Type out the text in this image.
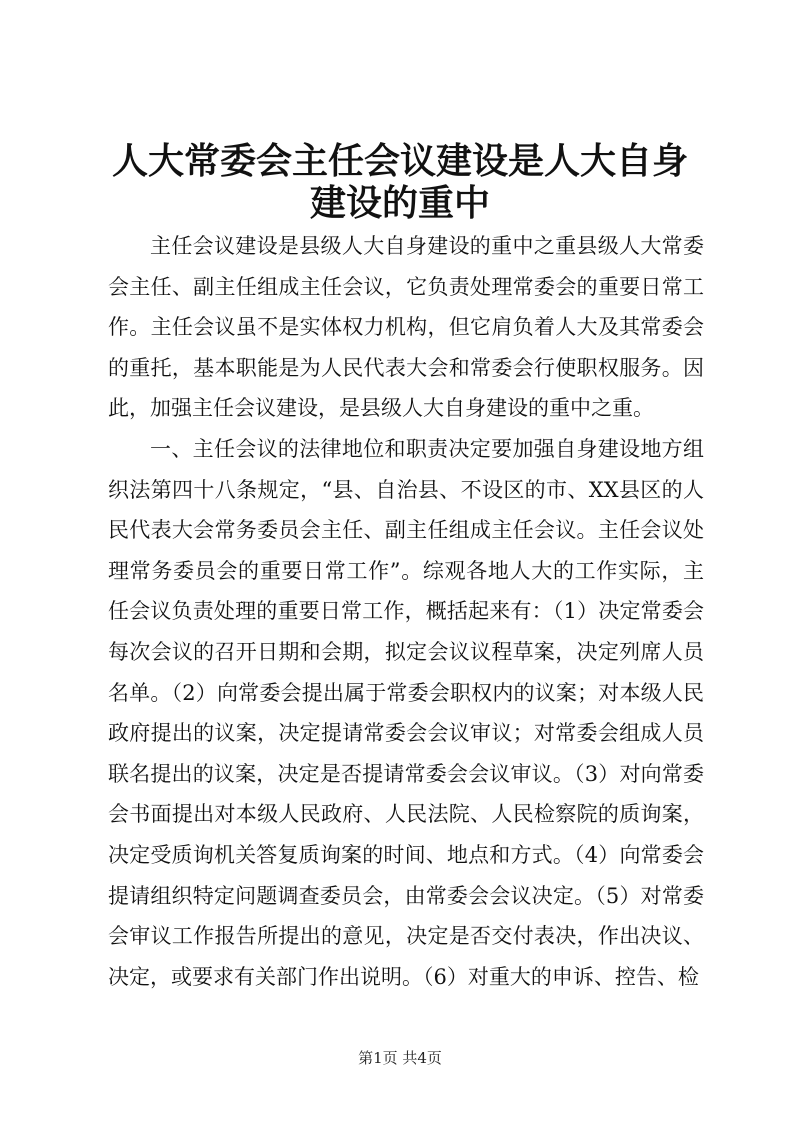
人大常委会主任会议建设是人大自身建设的重中

主任会议建设是县级人大自身建设的重中之重县级人大常委会主任、副主任组成主任会议，它负责处理常委会的重要日常工作。主任会议虽不是实体权力机构，但它肩负着人大及其常委会的重托，基本职能是为人民代表大会和常委会行使职权服务。因此，加强主任会议建设，是县级人大自身建设的重中之重。

一、主任会议的法律地位和职责决定要加强自身建设地方组织法第四十八条规定，“县、自治县、不设区的市、XX县区的人民代表大会常务委员会主任、副主任组成主任会议。主任会议处理常务委员会的重要日常工作”。综观各地人大的工作实际，主任会议负责处理的重要日常工作，概括起来有：（1）决定常委会每次会议的召开日期和会期，拟定会议议程草案，决定列席人员名单。（2）向常委会提出属于常委会职权内的议案；对本级人民政府提出的议案，决定提请常委会会议审议；对常委会组成人员联名提出的议案，决定是否提请常委会会议审议。（3）对向常委会书面提出对本级人民政府、人民法院、人民检察院的质询案，决定受质询机关答复质询案的时间、地点和方式。（4）向常委会提请组织特定问题调查委员会，由常委会会议决定。（5）对常委会审议工作报告所提出的意见，决定是否交付表决，作出决议、决定，或要求有关部门作出说明。（6）对重大的申诉、控告、检

第1页 共4页
